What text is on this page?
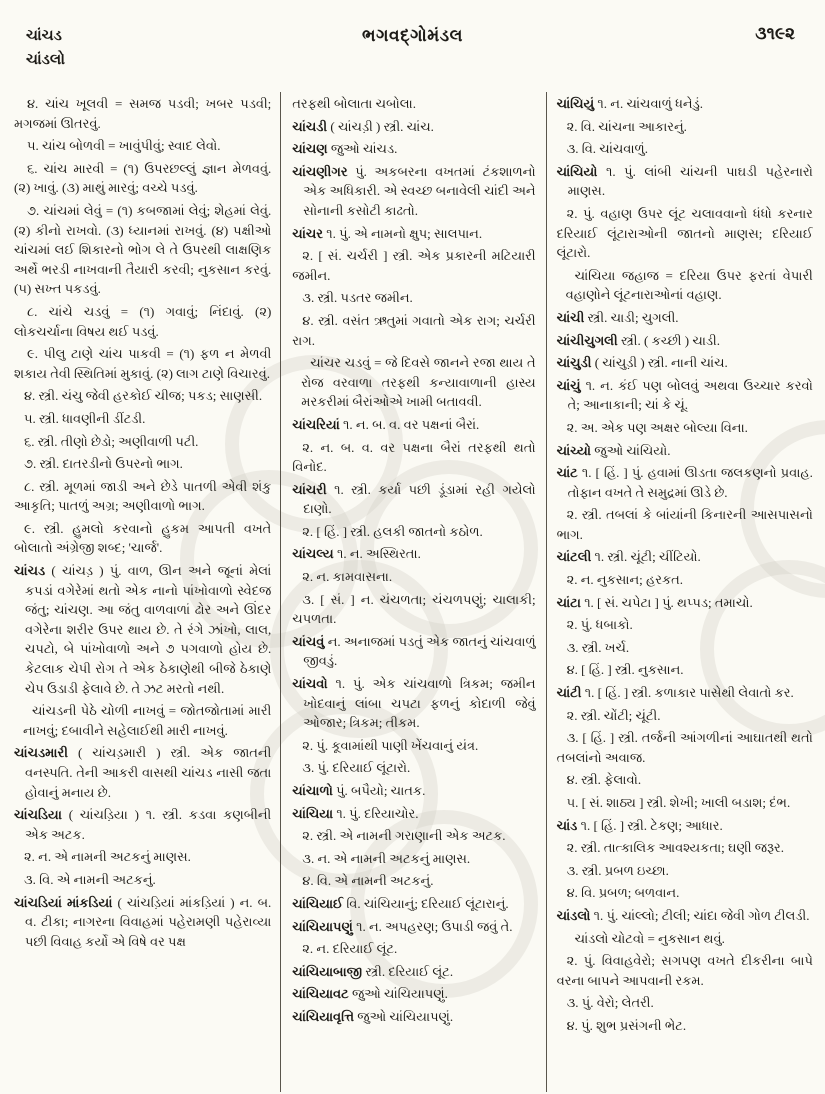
ચાંચડ
ચાંડલો
ભગવદ્ગોમંડલ	૩૧૯૨

૪. ચાંચ ખૂલવી = સમજ પડવી; ખબર પડવી; મગજમાં ઊતરવું.

૫. ચાંચ બોળવી = ખાવુંપીવું; સ્વાદ લેવો.

૬. ચાંચ મારવી = (૧) ઉપરછલ્લું જ્ઞાન મેળવવું. (૨) ખાવું. (૩) માથું મારવું; વચ્ચે પડવું.

૭. ચાંચમાં લેવું = (૧) કબજામાં લેવું; શેહમાં લેવું. (૨) કીનો રાખવો. (૩) ધ્યાનમાં રાખવું. (૪) પક્ષીઓ ચાંચમાં લઈ શિકારનો ભોગ લે તે ઉપરથી લાક્ષણિક અર્થે ભરડી નાખવાની તૈયારી કરવી; નુકસાન કરવું. (૫) સખ્ત પકડવું.

૮. ચાંચે ચડવું = (૧) ગવાવું; નિંદાવું. (૨) લોકચર્ચાના વિષય થઈ પડવું.

૯. પીલુ ટાણે ચાંચ પાકવી = (૧) ફળ ન મેળવી શકાય તેવી સ્થિતિમાં મુકાવું. (૨) લાગ ટાણે વિચારવું.

૪. સ્ત્રી. ચંચુ જેવી હરકોઈ ચીજ; પકડ; સાણસી.

૫. સ્ત્રી. ધાવણીની ડીંટડી.

૬. સ્ત્રી. તીણો છેડો; અણીવાળી પટી.

૭. સ્ત્રી. દાતરડીનો ઉપરનો ભાગ.

૮. સ્ત્રી. મૂળમાં જાડી અને છેડે પાતળી એવી શંકુ આકૃતિ; પાતળું અગ્ર; અણીવાળો ભાગ.

૯. સ્ત્રી. હુમલો કરવાનો હુકમ આપતી વખતે બોલાતો અંગ્રેજી શબ્દ; 'ચાર્જ'.

ચાંચડ ( ચાંચડ઼ ) પું. વાળ, ઊન અને જૂનાં મેલાં કપડાં વગેરેમાં થતો એક નાનો પાંખોવાળો સ્વેદજ જંતુ; ચાંચણ. આ જંતુ વાળવાળાં ઢોર અને ઊંદર વગેરેના શરીર ઉપર થાય છે. તે રંગે ઝાંખો, લાલ, ચપટો, બે પાંખોવાળો અને ૭ પગવાળો હોય છે. કેટલાક ચેપી રોગ તે એક ઠેકાણેથી બીજે ઠેકાણે ચેપ ઉડાડી ફેલાવે છે. તે ઝટ મરતો નથી.

ચાંચડની પેઠે ચોળી નાખવું = જોતજોતામાં મારી નાખવું; દબાવીને સહેલાઈથી મારી નાખવું.

ચાંચડમારી ( ચાંચડ઼મારી ) સ્ત્રી. એક જાતની વનસ્પતિ. તેની આકરી વાસથી ચાંચડ નાસી જતા હોવાનું મનાય છે.

ચાંચડિયા ( ચાંચડ઼િયા ) ૧. સ્ત્રી. કડવા કણબીની એક અટક.

૨. ન. એ નામની અટકનું માણસ.

૩. વિ. એ નામની અટકનું.

ચાંચડિયાં માંકડિયાં ( ચાંચડ઼િયાં માંકડ઼િયાં ) ન. બ. વ. ટીકા; નાગરના વિવાહમાં પહેરામણી પહેરાવ્યા પછી વિવાહ કર્યો એ વિષે વર પક્ષ

તરફથી બોલાતા ચબોલા.

ચાંચડી ( ચાંચડ઼ી ) સ્ત્રી. ચાંચ.

ચાંચણ જુઓ ચાંચડ.

ચાંચણીગર પું. અકબરના વખતમાં ટંકશાળનો એક અધિકારી. એ સ્વચ્છ બનાવેલી ચાંદી અને સોનાની કસોટી કાઢતો.

ચાંચર ૧. પું. એ નામનો ક્ષુપ; સાલપાન.

૨. [ સં. ચર્ચરી ] સ્ત્રી. એક પ્રકારની મટિયારી જમીન.

૩. સ્ત્રી. પડતર જમીન.

૪. સ્ત્રી. વસંત ઋતુમાં ગવાતો એક રાગ; ચર્ચરી રાગ.

ચાંચર ચડવું = જે દિવસે જાનને રજા થાય તે રોજ વરવાળા તરફથી કન્યાવાળાની હાસ્ય મરકરીમાં બૈરાંઓએ ખામી બતાવવી.

ચાંચરિયાં ૧. ન. બ. વ. વર પક્ષનાં બૈરાં.

૨. ન. બ. વ. વર પક્ષના બૈરાં તરફથી થતો વિનોદ.

ચાંચરી ૧. સ્ત્રી. કર્યા પછી ડૂંડામાં રહી ગયેલો દાણો.

૨. [ હિં. ] સ્ત્રી. હલકી જાતનો કઠોળ.

ચાંચલ્ય ૧. ન. અસ્થિરતા.

૨. ન. કામવાસના.

૩. [ સં. ] ન. ચંચળતા; ચંચળપણું; ચાલાકી; ચપળતા.

ચાંચવું ન. અનાજમાં પડતું એક જાતનું ચાંચવાળું જીવડું.

ચાંચવો ૧. પું. એક ચાંચવાળો ત્રિકમ; જમીન ખોદવાનું લાંબા ચપટા ફળનું કોદાળી જેવું ઓજાર; ત્રિકમ; તીકમ.

૨. પું. કૂવામાંથી પાણી ખેંચવાનું યંત્ર.

૩. પું. દરિયાઈ લૂંટારો.

ચાંચાળો પું. બપૈયો; ચાતક.

ચાંચિયા ૧. પું. દરિયાચોર.

૨. સ્ત્રી. એ નામની ગરાણાની એક અટક.

૩. ન. એ નામની અટકનું માણસ.

૪. વિ. એ નામની અટકનું.

ચાંચિયાઈ વિ. ચાંચિયાનું; દરિયાઈ લૂંટારાનું.

ચાંચિયાપણું ૧. ન. અપહરણ; ઉપાડી જવું તે.

૨. ન. દરિયાઈ લૂંટ.

ચાંચિયાબાજી સ્ત્રી. દરિયાઈ લૂંટ.

ચાંચિયાવટ જુઓ ચાંચિયાપણું.

ચાંચિયાવૃત્તિ જુઓ ચાંચિયાપણું.

ચાંચિયું ૧. ન. ચાંચવાળું ધનેડું.

૨. વિ. ચાંચના આકારનું.

૩. વિ. ચાંચવાળું.

ચાંચિયો ૧. પું. લાંબી ચાંચની પાઘડી પહેરનારો માણસ.

૨. પું. વહાણ ઉપર લૂંટ ચલાવવાનો ધંધો કરનાર દરિયાઈ લૂંટારાઓની જાતનો માણસ; દરિયાઈ લૂંટારો.

ચાંચિયા જહાજ = દરિયા ઉપર ફરતાં વેપારી વહાણોને લૂંટનારાઓનાં વહાણ.

ચાંચી સ્ત્રી. ચાડી; ચુગલી.

ચાંચીચુગલી સ્ત્રી. ( કચ્છી ) ચાડી.

ચાંચુડી ( ચાંચુડ઼ી ) સ્ત્રી. નાની ચાંચ.

ચાંચું ૧. ન. કંઈ પણ બોલવું અથવા ઉચ્ચાર કરવો તે; આનાકાની; ચાં કે ચૂં.

૨. અ. એક પણ અક્ષર બોલ્યા વિના.

ચાંચ્યો જુઓ ચાંચિયો.

ચાંટ ૧. [ હિં. ] પું. હવામાં ઊડતા જલકણનો પ્રવાહ. તોફાન વખતે તે સમુદ્રમાં ઊડે છે.

૨. સ્ત્રી. તબલાં કે બાંયાંની કિનારની આસપાસનો ભાગ.

ચાંટલી ૧. સ્ત્રી. ચૂંટી; ચીંટિયો.

૨. ન. નુકસાન; હરકત.

ચાંટા ૧. [ સં. ચપેટા ] પું. થપ્પડ; તમાચો.

૨. પું. ધબાકો.

૩. સ્ત્રી. ખર્ચ.

૪. [ હિં. ] સ્ત્રી. નુકસાન.

ચાંટી ૧. [ હિં. ] સ્ત્રી. કળાકાર પાસેથી લેવાતો કર.

૨. સ્ત્રી. ચોંટી; ચૂંટી.

૩. [ હિં. ] સ્ત્રી. તર્જની આંગળીનાં આઘાતથી થતો તબલાંનો અવાજ.

૪. સ્ત્રી. ફેલાવો.

૫. [ સં. શાઠ્ય ] સ્ત્રી. શેખી; ખાલી બડાશ; દંભ.

ચાંડ ૧. [ હિં. ] સ્ત્રી. ટેકણ; આધાર.

૨. સ્ત્રી. તાત્કાલિક આવશ્યકતા; ઘણી જરૂર.

૩. સ્ત્રી. પ્રબળ ઇચ્છા.

૪. વિ. પ્રબળ; બળવાન.

ચાંડલો ૧. પું. ચાંલ્લો; ટીલી; ચાંદા જેવી ગોળ ટીલડી.

ચાંડલો ચોટવો = નુકસાન થવું.

૨. પું. વિવાહવેરો; સગપણ વખતે દીકરીના બાપે વરના બાપને આપવાની રકમ.

૩. પું. વેરો; લેતરી.

૪. પું. શુભ પ્રસંગની ભેટ.
